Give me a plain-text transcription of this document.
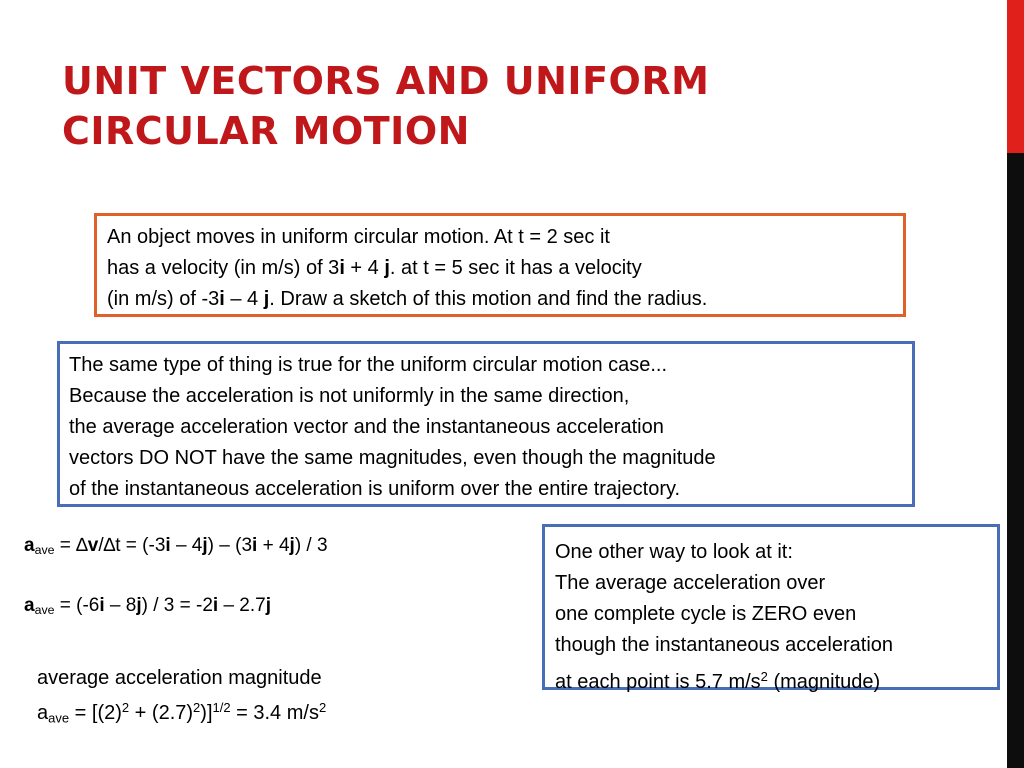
UNIT VECTORS AND UNIFORM
CIRCULAR MOTION
An object moves in uniform circular motion. At t = 2 sec it
has a velocity (in m/s) of 3i + 4 j. at t = 5 sec it has a velocity
(in m/s) of -3i – 4 j. Draw a sketch of this motion and find the radius.
The same type of thing is true for the uniform circular motion case...
Because the acceleration is not uniformly in the same direction,
the average acceleration vector and the instantaneous acceleration
vectors DO NOT have the same magnitudes, even though the magnitude
of the instantaneous acceleration is uniform over the entire trajectory.
$a_{ave} = \Delta v/\Delta t = (-3i - 4j) - (3i + 4j) / 3$
$a_{ave} = (-6i - 8j) / 3 = -2i - 2.7j$
average acceleration magnitude
$a_{ave} = [(2)^2 + (2.7)^2)]^{1/2} = 3.4$ $m/s^2$
One other way to look at it:
The average acceleration over
one complete cycle is ZERO even
though the instantaneous acceleration
at each point is 5.7 $m/s^2$ (magnitude)
